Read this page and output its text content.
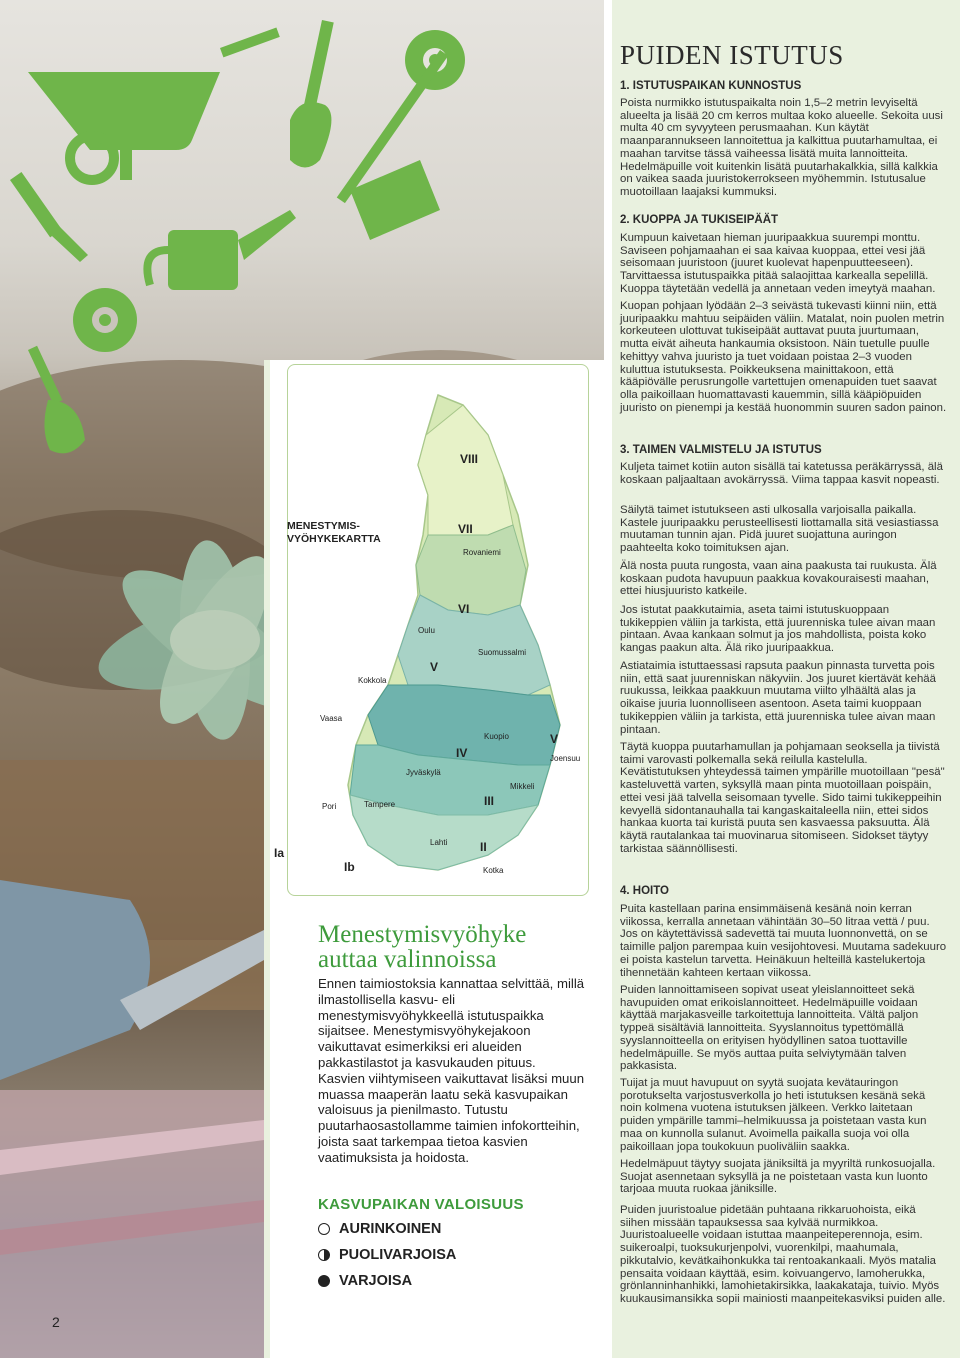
VIII
VII
VI
V
IV
III
II
V
Ia
Ib
Rovaniemi
Oulu
Kokkola
Vaasa
Suomussalmi
Kuopio
Joensuu
Jyväskylä
Mikkeli
Tampere
Pori
Lahti
Kotka
MENESTYMIS-
VYÖHYKEKARTTA
Menestymisvyöhyke
auttaa valinnoissa
Ennen taimiostoksia kannattaa selvittää, millä ilmastollisella kasvu- eli menestymisvyöhykkeellä istutuspaikka sijaitsee. Menestymisvyöhykejakoon vaikuttavat esimerkiksi eri alueiden pakkastilastot ja kasvukauden pituus. Kasvien viihtymiseen vaikuttavat lisäksi muun muassa maaperän laatu sekä kasvupaikan valoisuus ja pienilmasto. Tutustu puutarhaosastollamme taimien infokortteihin, joista saat tarkempaa tietoa kasvien vaatimuksista ja hoidosta.
KASVUPAIKAN VALOISUUS
AURINKOINEN
PUOLIVARJOISA
VARJOISA
2
PUIDEN ISTUTUS
1. ISTUTUSPAIKAN KUNNOSTUS
Poista nurmikko istutuspaikalta noin 1,5–2 metrin levyiseltä alueelta ja lisää 20 cm kerros multaa koko alueelle. Sekoita uusi multa 40 cm syvyyteen perusmaahan. Kun käytät maanparannukseen lannoitettua ja kalkittua puutarhamultaa, ei maahan tarvitse tässä vaiheessa lisätä muita lannoitteita. Hedelmäpuille voit kuitenkin lisätä puutarhakalkkia, sillä kalkkia on vaikea saada juuristokerrokseen myöhemmin. Istutusalue muotoillaan laajaksi kummuksi.
2. KUOPPA JA TUKISEIPÄÄT
Kumpuun kaivetaan hieman juuripaakkua suurempi monttu. Saviseen pohjamaahan ei saa kaivaa kuoppaa, ettei vesi jää seisomaan juuristoon (juuret kuolevat hapenpuutteeseen). Tarvittaessa istutuspaikka pitää salaojittaa karkealla sepelillä. Kuoppa täytetään vedellä ja annetaan veden imeytyä maahan.
Kuopan pohjaan lyödään 2–3 seivästä tukevasti kiinni niin, että juuripaakku mahtuu seipäiden väliin. Matalat, noin puolen metrin korkeuteen ulottuvat tukiseipäät auttavat puuta juurtumaan, mutta eivät aiheuta hankaumia oksistoon. Näin tuetulle puulle kehittyy vahva juuristo ja tuet voidaan poistaa 2–3 vuoden kuluttua istutuksesta. Poikkeuksena mainittakoon, että kääpiövälle perusrungolle vartettujen omenapuiden tuet saavat olla paikoillaan huomattavasti kauemmin, sillä kääpiöpuiden juuristo on pienempi ja kestää huonommin suuren sadon painon.
3. TAIMEN VALMISTELU JA ISTUTUS
Kuljeta taimet kotiin auton sisällä tai katetussa peräkärryssä, älä koskaan paljaaltaan avokärryssä. Viima tappaa kasvit nopeasti.
Säilytä taimet istutukseen asti ulkosalla varjoisalla paikalla. Kastele juuripaakku perusteellisesti liottamalla sitä vesiastiassa muutaman tunnin ajan. Pidä juuret suojattuna auringon paahteelta koko toimituksen ajan.
Älä nosta puuta rungosta, vaan aina paakusta tai ruukusta. Älä koskaan pudota havupuun paakkua kovakouraisesti maahan, ettei hiusjuuristo katkeile.
Jos istutat paakkutaimia, aseta taimi istutuskuoppaan tukikeppien väliin ja tarkista, että juurenniska tulee aivan maan pintaan. Avaa kankaan solmut ja jos mahdollista, poista koko kangas paakun alta. Älä riko juuripaakkua.
Astiataimia istuttaessasi rapsuta paakun pinnasta turvetta pois niin, että saat juurenniskan näkyviin. Jos juuret kiertävät kehää ruukussa, leikkaa paakkuun muutama viilto ylhäältä alas ja oikaise juuria luonnolliseen asentoon. Aseta taimi kuoppaan tukikeppien väliin ja tarkista, että juurenniska tulee aivan maan pintaan.
Täytä kuoppa puutarhamullan ja pohjamaan seoksella ja tiivistä taimi varovasti polkemalla sekä reilulla kastelulla. Kevätistutuksen yhteydessä taimen ympärille muotoillaan "pesä" kasteluvettä varten, syksyllä maan pinta muotoillaan poispäin, ettei vesi jää talvella seisomaan tyvelle. Sido taimi tukikeppeihin kevyellä sidontanauhalla tai kangaskaitaleella niin, ettei sidos hankaa kuorta tai kuristä puuta sen kasvaessa paksuutta. Älä käytä rautalankaa tai muovinarua sitomiseen. Sidokset täytyy tarkistaa säännöllisesti.
4. HOITO
Puita kastellaan parina ensimmäisenä kesänä noin kerran viikossa, kerralla annetaan vähintään 30–50 litraa vettä / puu. Jos on käytettävissä sadevettä tai muuta luonnonvettä, on se taimille paljon parempaa kuin vesijohtovesi. Muutama sadekuuro ei poista kastelun tarvetta. Heinäkuun helteillä kastelukertoja tihennetään kahteen kertaan viikossa.
Puiden lannoittamiseen sopivat useat yleislannoitteet sekä havupuiden omat erikoislannoitteet. Hedelmäpuille voidaan käyttää marjakasveille tarkoitettuja lannoitteita. Vältä paljon typpeä sisältäviä lannoitteita. Syyslannoitus typettömällä syyslannoitteella on erityisen hyödyllinen satoa tuottaville hedelmäpuille. Se myös auttaa puita selviytymään talven pakkasista.
Tuijat ja muut havupuut on syytä suojata kevätauringon porotukselta varjostusverkolla jo heti istutuksen kesänä sekä noin kolmena vuotena istutuksen jälkeen. Verkko laitetaan puiden ympärille tammi–helmikuussa ja poistetaan vasta kun maa on kunnolla sulanut. Avoimella paikalla suoja voi olla paikoillaan jopa toukokuun puoliväliin saakka.
Hedelmäpuut täytyy suojata jäniksiltä ja myyriltä runkosuojalla. Suojat asennetaan syksyllä ja ne poistetaan vasta kun luonto tarjoaa muuta ruokaa jäniksille.
Puiden juuristoalue pidetään puhtaana rikkaruohoista, eikä siihen missään tapauksessa saa kylvää nurmikkoa. Juuristoalueelle voidaan istuttaa maanpeiteperennoja, esim. suikeroalpi, tuoksukurjenpolvi, vuorenkilpi, maahumala, pikkutalvio, kevätkaihonkukka tai rentoakankaali. Myös matalia pensaita voidaan käyttää, esim. koivuangervo, lamoherukka, grönlanninhanhikki, lamohietakirsikka, laakakataja, tuivio. Myös kuukausimansikka sopii mainiosti maanpeitekasviksi puiden alle.
